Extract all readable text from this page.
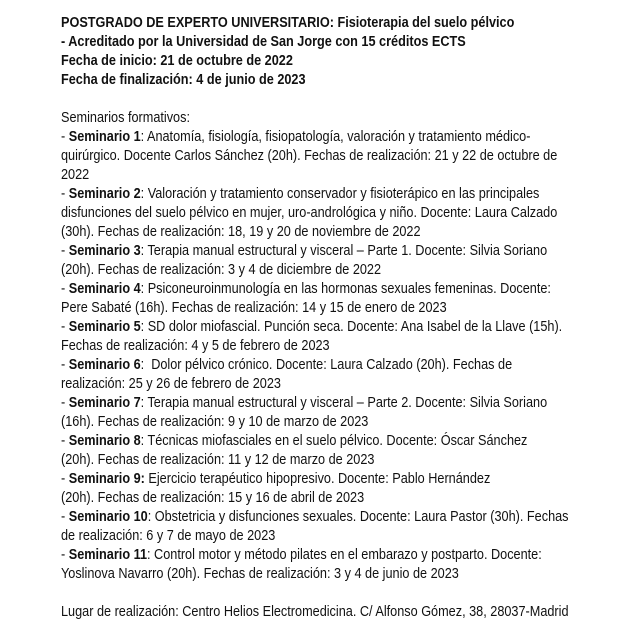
POSTGRADO DE EXPERTO UNIVERSITARIO: Fisioterapia del suelo pélvico
- Acreditado por la Universidad de San Jorge con 15 créditos ECTS
Fecha de inicio: 21 de octubre de 2022
Fecha de finalización: 4 de junio de 2023
Seminarios formativos:
- Seminario 1: Anatomía, fisiología, fisiopatología, valoración y tratamiento médico-
quirúrgico. Docente Carlos Sánchez (20h). Fechas de realización: 21 y 22 de octubre de
2022
- Seminario 2: Valoración y tratamiento conservador y fisioterápico en las principales
disfunciones del suelo pélvico en mujer, uro-andrológica y niño. Docente: Laura Calzado
(30h). Fechas de realización: 18, 19 y 20 de noviembre de 2022
- Seminario 3: Terapia manual estructural y visceral – Parte 1. Docente: Silvia Soriano
(20h). Fechas de realización: 3 y 4 de diciembre de 2022
- Seminario 4: Psiconeuroinmunología en las hormonas sexuales femeninas. Docente:
Pere Sabaté (16h). Fechas de realización: 14 y 15 de enero de 2023
- Seminario 5: SD dolor miofascial. Punción seca. Docente: Ana Isabel de la Llave (15h).
Fechas de realización: 4 y 5 de febrero de 2023
- Seminario 6:  Dolor pélvico crónico. Docente: Laura Calzado (20h). Fechas de
realización: 25 y 26 de febrero de 2023
- Seminario 7: Terapia manual estructural y visceral – Parte 2. Docente: Silvia Soriano
(16h). Fechas de realización: 9 y 10 de marzo de 2023
- Seminario 8: Técnicas miofasciales en el suelo pélvico. Docente: Óscar Sánchez
(20h). Fechas de realización: 11 y 12 de marzo de 2023
- Seminario 9: Ejercicio terapéutico hipopresivo. Docente: Pablo Hernández
(20h). Fechas de realización: 15 y 16 de abril de 2023
- Seminario 10: Obstetricia y disfunciones sexuales. Docente: Laura Pastor (30h). Fechas
de realización: 6 y 7 de mayo de 2023
- Seminario 11: Control motor y método pilates en el embarazo y postparto. Docente:
Yoslinova Navarro (20h). Fechas de realización: 3 y 4 de junio de 2023
Lugar de realización: Centro Helios Electromedicina. C/ Alfonso Gómez, 38, 28037-Madrid
